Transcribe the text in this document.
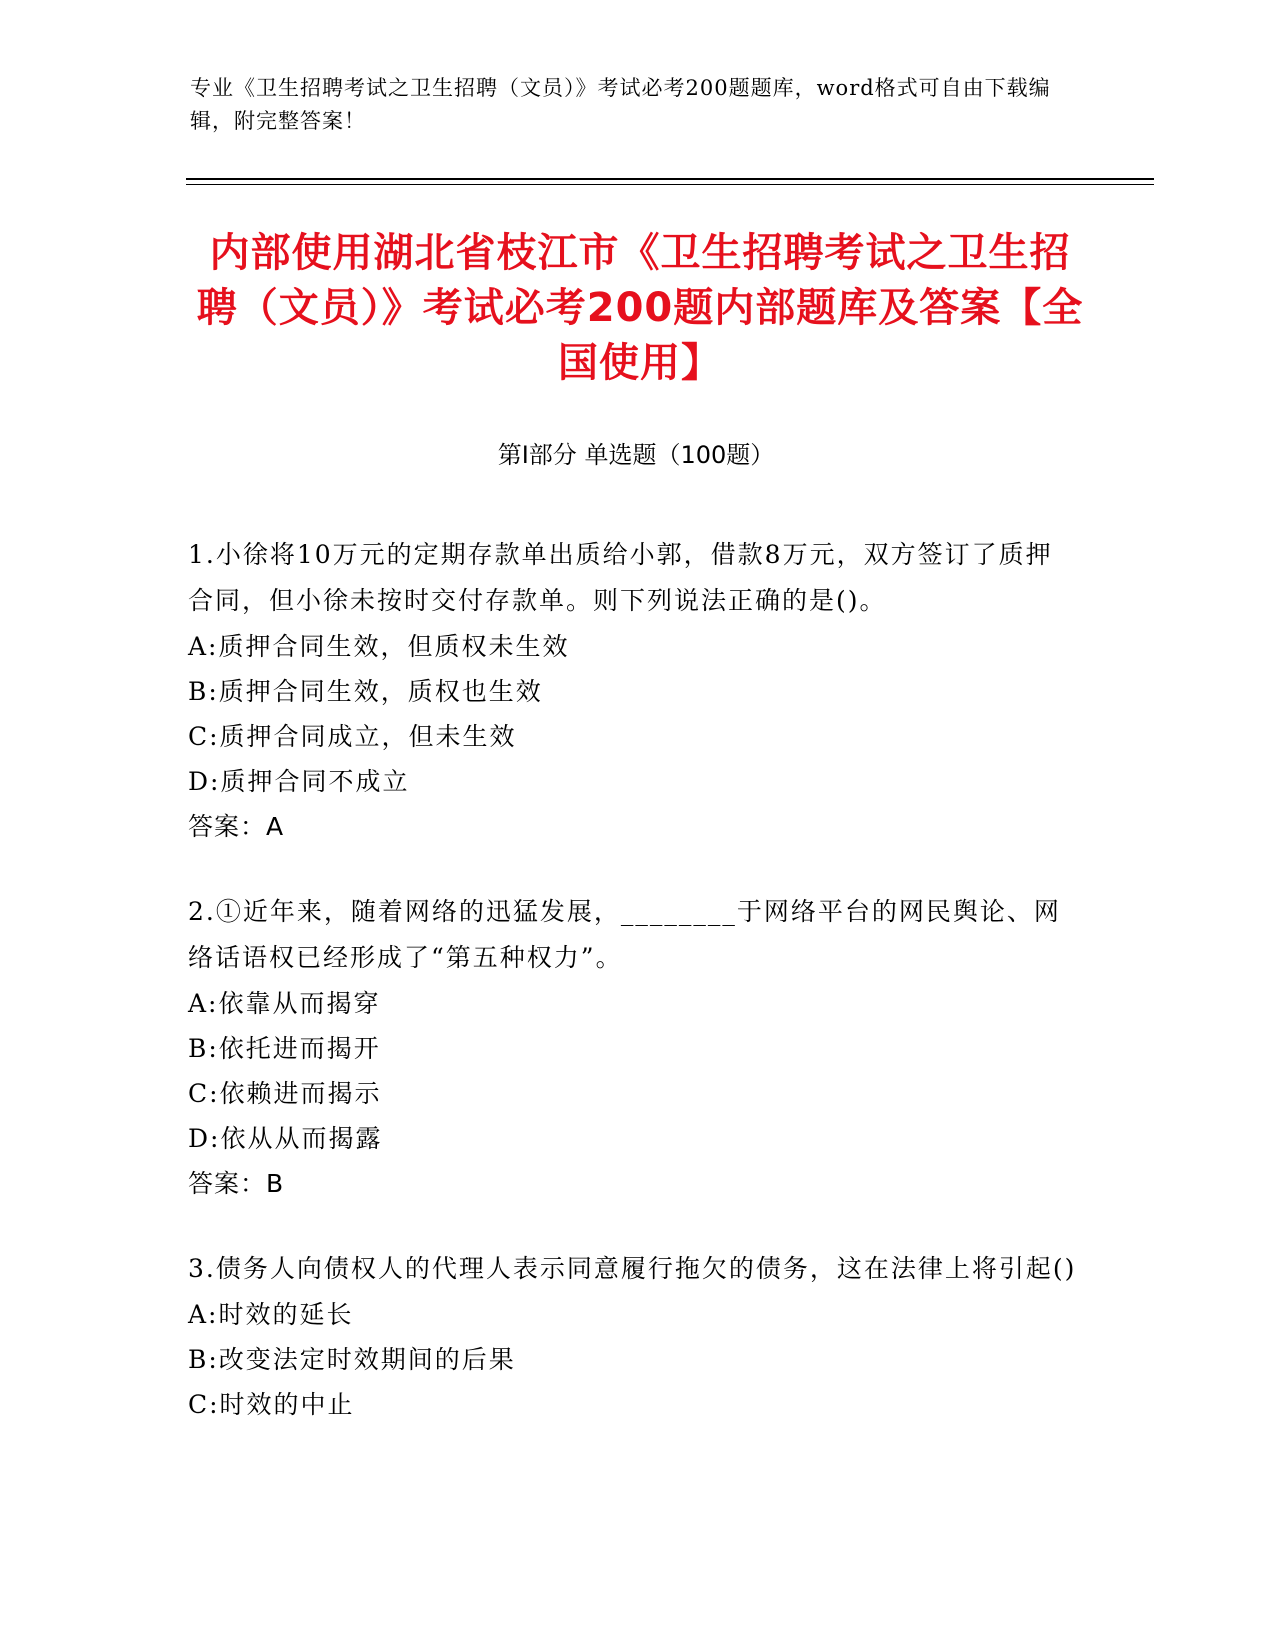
专业《卫生招聘考试之卫生招聘（文员）》考试必考200题题库，word格式可自由下载编辑，附完整答案！
内部使用湖北省枝江市《卫生招聘考试之卫生招聘（文员）》考试必考200题内部题库及答案【全国使用】
第I部分 单选题（100题）
1.小徐将10万元的定期存款单出质给小郭，借款8万元，双方签订了质押合同，但小徐未按时交付存款单。则下列说法正确的是()。
A:质押合同生效，但质权未生效
B:质押合同生效，质权也生效
C:质押合同成立，但未生效
D:质押合同不成立
答案：A
2.①近年来，随着网络的迅猛发展，________于网络平台的网民舆论、网络话语权已经形成了“第五种权力”。
A:依靠从而揭穿
B:依托进而揭开
C:依赖进而揭示
D:依从从而揭露
答案：B
3.债务人向债权人的代理人表示同意履行拖欠的债务，这在法律上将引起()
A:时效的延长
B:改变法定时效期间的后果
C:时效的中止
